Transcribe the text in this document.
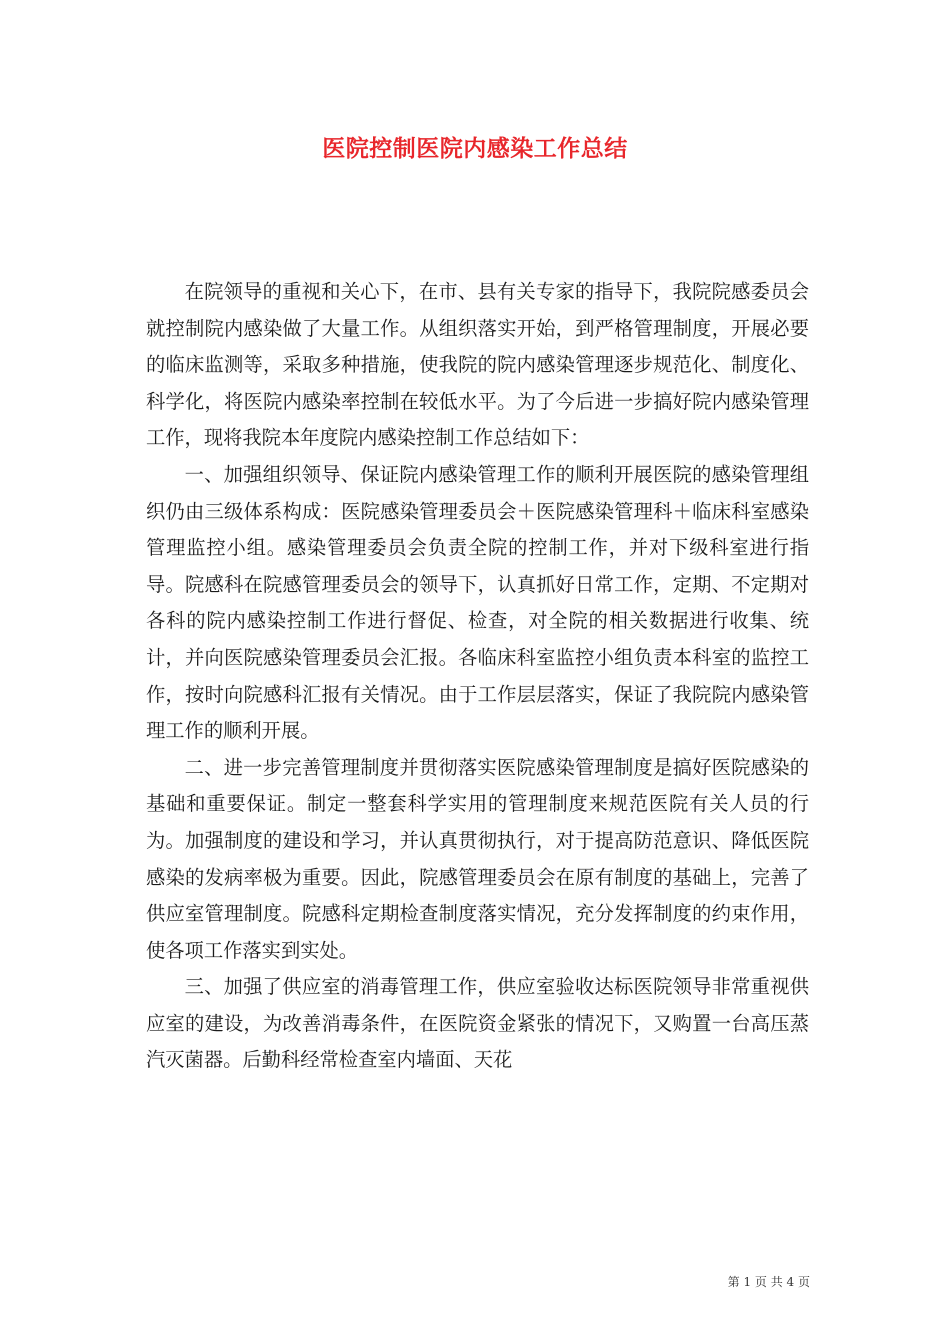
医院控制医院内感染工作总结

在院领导的重视和关心下，在市、县有关专家的指导下，我院院感委员会就控制院内感染做了大量工作。从组织落实开始，到严格管理制度，开展必要的临床监测等，采取多种措施，使我院的院内感染管理逐步规范化、制度化、科学化，将医院内感染率控制在较低水平。为了今后进一步搞好院内感染管理工作，现将我院本年度院内感染控制工作总结如下：

一、加强组织领导、保证院内感染管理工作的顺利开展医院的感染管理组织仍由三级体系构成：医院感染管理委员会＋医院感染管理科＋临床科室感染管理监控小组。感染管理委员会负责全院的控制工作，并对下级科室进行指导。院感科在院感管理委员会的领导下，认真抓好日常工作，定期、不定期对各科的院内感染控制工作进行督促、检查，对全院的相关数据进行收集、统计，并向医院感染管理委员会汇报。各临床科室监控小组负责本科室的监控工作，按时向院感科汇报有关情况。由于工作层层落实，保证了我院院内感染管理工作的顺利开展。

二、进一步完善管理制度并贯彻落实医院感染管理制度是搞好医院感染的基础和重要保证。制定一整套科学实用的管理制度来规范医院有关人员的行为。加强制度的建设和学习，并认真贯彻执行，对于提高防范意识、降低医院感染的发病率极为重要。因此，院感管理委员会在原有制度的基础上，完善了供应室管理制度。院感科定期检查制度落实情况，充分发挥制度的约束作用，使各项工作落实到实处。

三、加强了供应室的消毒管理工作，供应室验收达标医院领导非常重视供应室的建设，为改善消毒条件，在医院资金紧张的情况下，又购置一台高压蒸汽灭菌器。后勤科经常检查室内墙面、天花

第 1 页 共 4 页
